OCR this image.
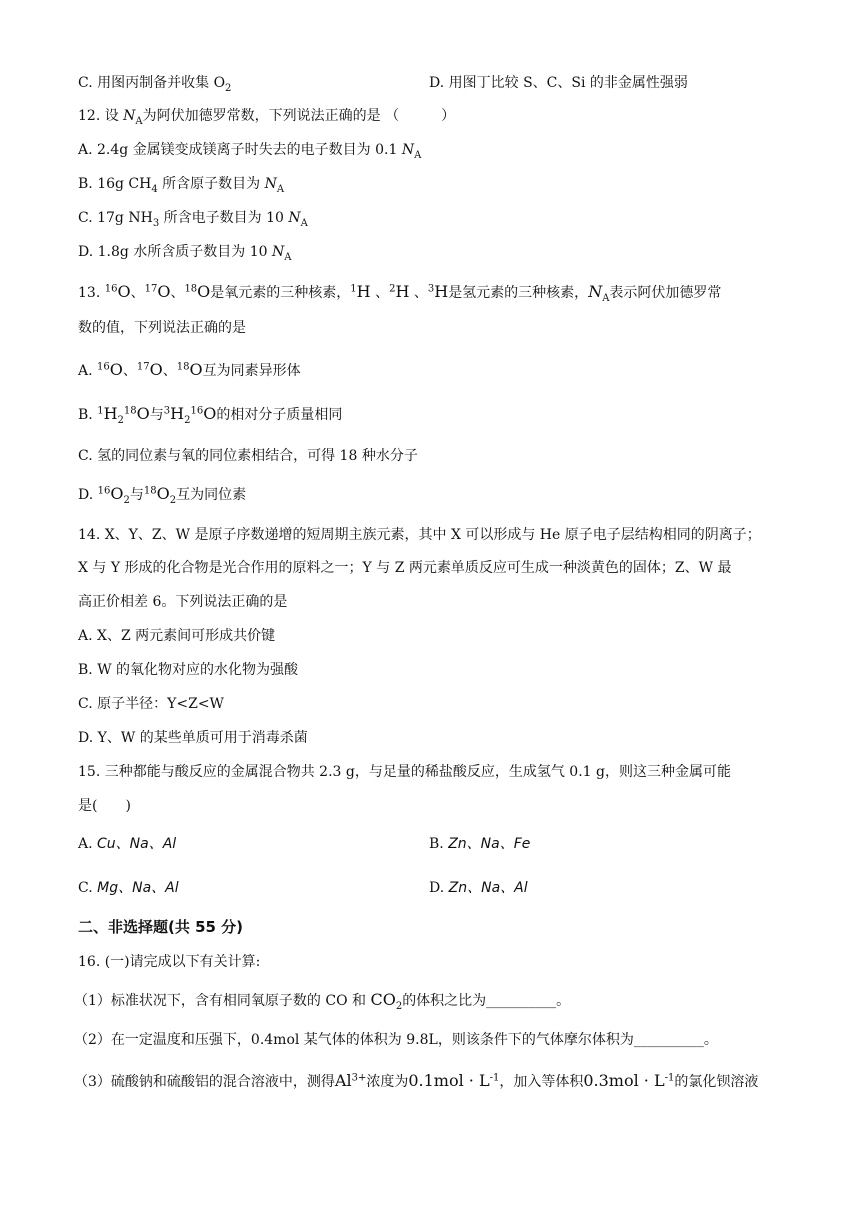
C. 用图丙制备并收集 $O_2$	D. 用图丁比较 S、C、Si 的非金属性强弱
12. 设 $N_A$为阿伏加德罗常数，下列说法正确的是 （　　　）
A. 2.4g 金属镁变成镁离子时失去的电子数目为 0.1 $N_A$
B. 16g $CH_4$ 所含原子数目为 $N_A$
C. 17g $NH_3$ 所含电子数目为 10 $N_A$
D. 1.8g 水所含质子数目为 10 $N_A$
13. $^{16}$O、$^{17}$O、$^{18}$O是氧元素的三种核素，$^1$H 、$^2$H 、$^3$H是氢元素的三种核素，$N_A$表示阿伏加德罗常
数的值，下列说法正确的是
A. $^{16}$O、$^{17}$O、$^{18}$O互为同素异形体
B. $^1H_2^{18}O$与$^3H_2^{16}O$的相对分子质量相同
C. 氢的同位素与氧的同位素相结合，可得 18 种水分子
D. $^{16}O_2$与$^{18}O_2$互为同位素
14. X、Y、Z、W 是原子序数递增的短周期主族元素，其中 X 可以形成与 He 原子电子层结构相同的阴离子；
X 与 Y 形成的化合物是光合作用的原料之一；Y 与 Z 两元素单质反应可生成一种淡黄色的固体；Z、W 最
高正价相差 6。下列说法正确的是
A. X、Z 两元素间可形成共价键
B. W 的氧化物对应的水化物为强酸
C. 原子半径：Y<Z<W
D. Y、W 的某些单质可用于消毒杀菌
15. 三种都能与酸反应的金属混合物共 2.3 g，与足量的稀盐酸反应，生成氢气 0.1 g，则这三种金属可能
是(　　)
A. Cu、Na、Al	B. Zn、Na、Fe
C. Mg、Na、Al	D. Zn、Na、Al
二、非选择题(共 55 分)
16. (一)请完成以下有关计算:
（1）标准状况下，含有相同氧原子数的 CO 和 $CO_2$的体积之比为__________。
（2）在一定温度和压强下，0.4mol 某气体的体积为 9.8L，则该条件下的气体摩尔体积为__________。
（3）硫酸钠和硫酸铝的混合溶液中，测得$Al^{3+}$浓度为$0.1mol \cdot L^{-1}$，加入等体积$0.3mol \cdot L^{-1}$的氯化钡溶液
